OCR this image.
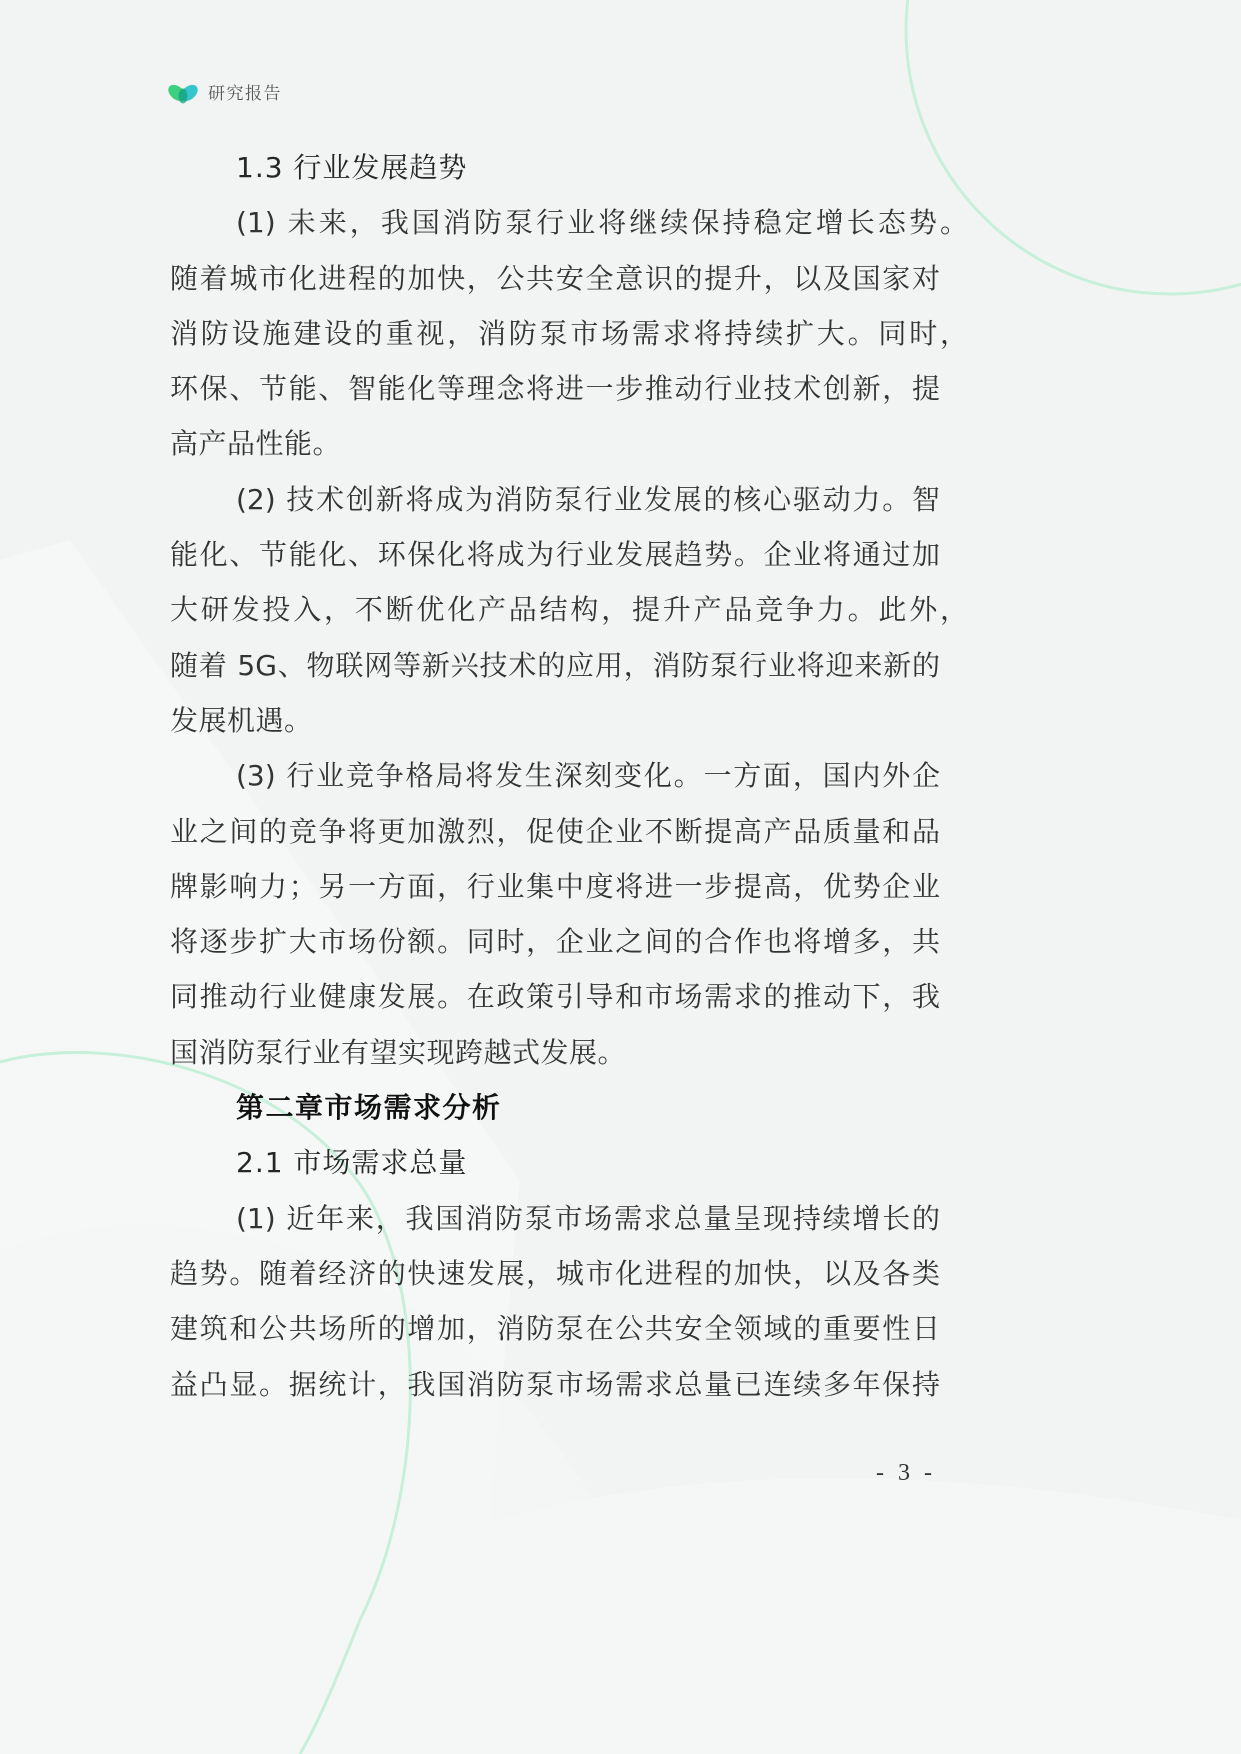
研究报告
1.3 行业发展趋势
(1) 未来，我国消防泵行业将继续保持稳定增长态势。
随着城市化进程的加快，公共安全意识的提升，以及国家对
消防设施建设的重视，消防泵市场需求将持续扩大。同时，
环保、节能、智能化等理念将进一步推动行业技术创新，提
高产品性能。
(2) 技术创新将成为消防泵行业发展的核心驱动力。智
能化、节能化、环保化将成为行业发展趋势。企业将通过加
大研发投入，不断优化产品结构，提升产品竞争力。此外，
随着 5G、物联网等新兴技术的应用，消防泵行业将迎来新的
发展机遇。
(3) 行业竞争格局将发生深刻变化。一方面，国内外企
业之间的竞争将更加激烈，促使企业不断提高产品质量和品
牌影响力；另一方面，行业集中度将进一步提高，优势企业
将逐步扩大市场份额。同时，企业之间的合作也将增多，共
同推动行业健康发展。在政策引导和市场需求的推动下，我
国消防泵行业有望实现跨越式发展。
第二章市场需求分析
2.1 市场需求总量
(1) 近年来，我国消防泵市场需求总量呈现持续增长的
趋势。随着经济的快速发展，城市化进程的加快，以及各类
建筑和公共场所的增加，消防泵在公共安全领域的重要性日
益凸显。据统计，我国消防泵市场需求总量已连续多年保持
- 3 -
